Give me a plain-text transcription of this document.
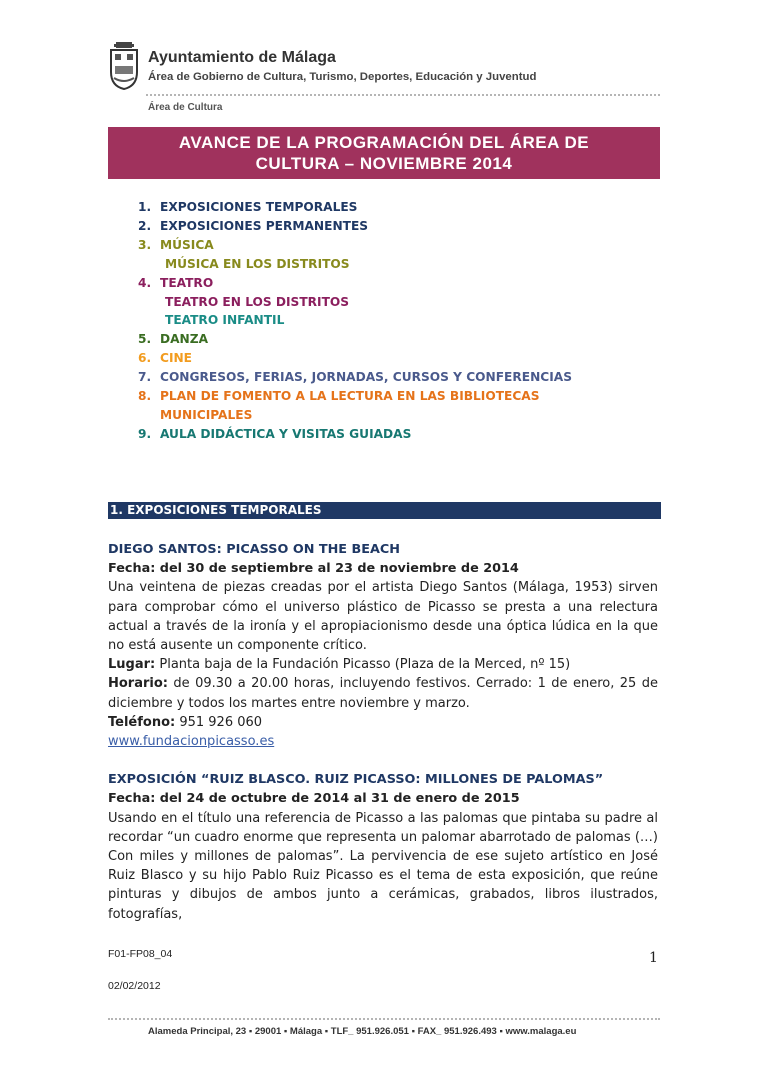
Ayuntamiento de Málaga
Área de Gobierno de Cultura, Turismo, Deportes, Educación y Juventud
Área de Cultura
AVANCE DE LA PROGRAMACIÓN DEL ÁREA DE
CULTURA – NOVIEMBRE 2014
1. EXPOSICIONES TEMPORALES
2. EXPOSICIONES PERMANENTES
3. MÚSICA
MÚSICA EN LOS DISTRITOS
4. TEATRO
TEATRO EN LOS DISTRITOS
TEATRO INFANTIL
5. DANZA
6. CINE
7. CONGRESOS, FERIAS, JORNADAS, CURSOS Y CONFERENCIAS
8. PLAN DE FOMENTO A LA LECTURA EN LAS BIBLIOTECAS
MUNICIPALES
9. AULA DIDÁCTICA Y VISITAS GUIADAS
1. EXPOSICIONES TEMPORALES
DIEGO SANTOS: PICASSO ON THE BEACH
Fecha: del 30 de septiembre al 23 de noviembre de 2014
Una veintena de piezas creadas por el artista Diego Santos (Málaga, 1953) sirven para comprobar cómo el universo plástico de Picasso se presta a una relectura actual a través de la ironía y el apropiacionismo desde una óptica lúdica en la que no está ausente un componente crítico.
Lugar: Planta baja de la Fundación Picasso (Plaza de la Merced, nº 15)
Horario: de 09.30 a 20.00 horas, incluyendo festivos. Cerrado: 1 de enero, 25 de diciembre y todos los martes entre noviembre y marzo.
Teléfono: 951 926 060
www.fundacionpicasso.es
EXPOSICIÓN “RUIZ BLASCO. RUIZ PICASSO: MILLONES DE PALOMAS”
Fecha: del 24 de octubre de 2014 al 31 de enero de 2015
Usando en el título una referencia de Picasso a las palomas que pintaba su padre al recordar “un cuadro enorme que representa un palomar abarrotado de palomas (…) Con miles y millones de palomas”. La pervivencia de ese sujeto artístico en José Ruiz Blasco y su hijo Pablo Ruiz Picasso es el tema de esta exposición, que reúne pinturas y dibujos de ambos junto a cerámicas, grabados, libros ilustrados, fotografías,
F01-FP08_04	1
02/02/2012
Alameda Principal, 23 ▪ 29001 ▪ Málaga ▪ TLF_ 951.926.051 ▪ FAX_ 951.926.493 ▪ www.malaga.eu
